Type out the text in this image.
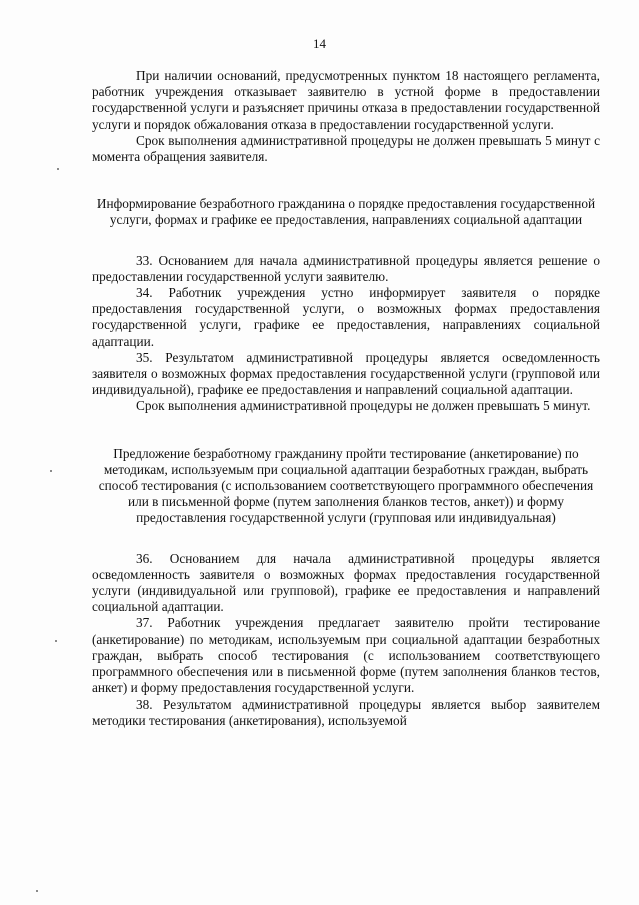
14

При наличии оснований, предусмотренных пунктом 18 настоящего регламента, работник учреждения отказывает заявителю в устной форме в предоставлении государственной услуги и разъясняет причины отказа в предоставлении государственной услуги и порядок обжалования отказа в предоставлении государственной услуги.

Срок выполнения административной процедуры не должен превышать 5 минут с момента обращения заявителя.

Информирование безработного гражданина о порядке предоставления государственной услуги, формах и графике ее предоставления, направлениях социальной адаптации

33. Основанием для начала административной процедуры является решение о предоставлении государственной услуги заявителю.

34. Работник учреждения устно информирует заявителя о порядке предоставления государственной услуги, о возможных формах предоставления государственной услуги, графике ее предоставления, направлениях социальной адаптации.

35. Результатом административной процедуры является осведомленность заявителя о возможных формах предоставления государственной услуги (групповой или индивидуальной), графике ее предоставления и направлений социальной адаптации.

Срок выполнения административной процедуры не должен превышать 5 минут.

Предложение безработному гражданину пройти тестирование (анкетирование) по методикам, используемым при социальной адаптации безработных граждан, выбрать способ тестирования (с использованием соответствующего программного обеспечения или в письменной форме (путем заполнения бланков тестов, анкет)) и форму предоставления государственной услуги (групповая или индивидуальная)

36. Основанием для начала административной процедуры является осведомленность заявителя о возможных формах предоставления государственной услуги (индивидуальной или групповой), графике ее предоставления и направлений социальной адаптации.

37. Работник учреждения предлагает заявителю пройти тестирование (анкетирование) по методикам, используемым при социальной адаптации безработных граждан, выбрать способ тестирования (с использованием соответствующего программного обеспечения или в письменной форме (путем заполнения бланков тестов, анкет) и форму предоставления государственной услуги.

38. Результатом административной процедуры является выбор заявителем методики тестирования (анкетирования), используемой
